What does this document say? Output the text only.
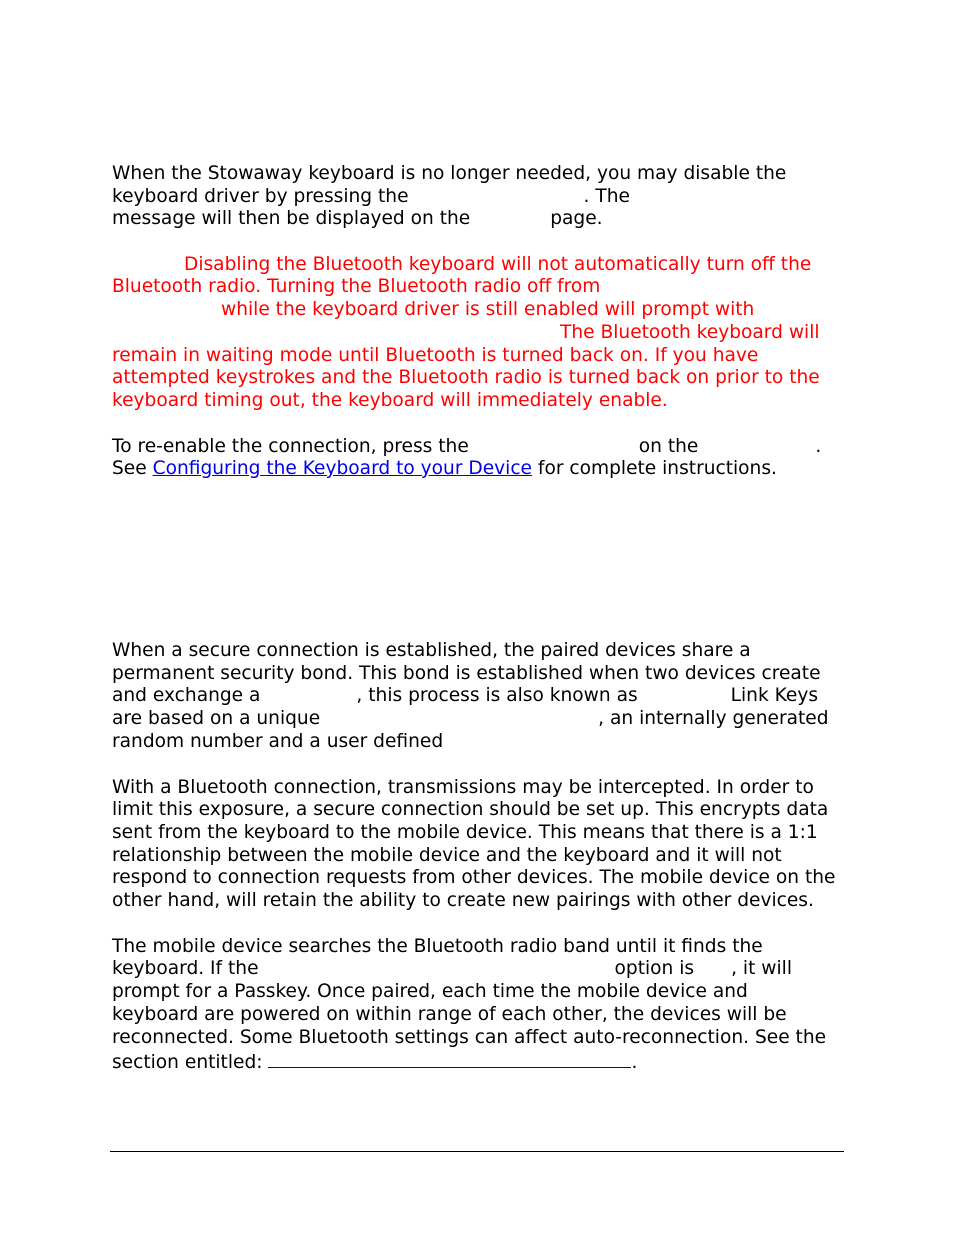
When the Stowaway keyboard is no longer needed, you may disable the

keyboard driver by pressing the	. The

message will then be displayed on the	page.

Disabling the Bluetooth keyboard will not automatically turn off the

Bluetooth radio. Turning the Bluetooth radio off from

while the keyboard driver is still enabled will prompt with

The Bluetooth keyboard will

remain in waiting mode until Bluetooth is turned back on. If you have

attempted keystrokes and the Bluetooth radio is turned back on prior to the

keyboard timing out, the keyboard will immediately enable.

To re-enable the connection, press the	on the	.

See Configuring the Keyboard to your Device for complete instructions.

When a secure connection is established, the paired devices share a

permanent security bond. This bond is established when two devices create

and exchange a	, this process is also known as	Link Keys

are based on a unique	, an internally generated

random number and a user defined

With a Bluetooth connection, transmissions may be intercepted. In order to

limit this exposure, a secure connection should be set up. This encrypts data

sent from the keyboard to the mobile device. This means that there is a 1:1

relationship between the mobile device and the keyboard and it will not

respond to connection requests from other devices. The mobile device on the

other hand, will retain the ability to create new pairings with other devices.

The mobile device searches the Bluetooth radio band until it finds the

keyboard. If the	option is , it will

prompt for a Passkey. Once paired, each time the mobile device and

keyboard are powered on within range of each other, the devices will be

reconnected. Some Bluetooth settings can affect auto-reconnection. See the

section entitled:	.
